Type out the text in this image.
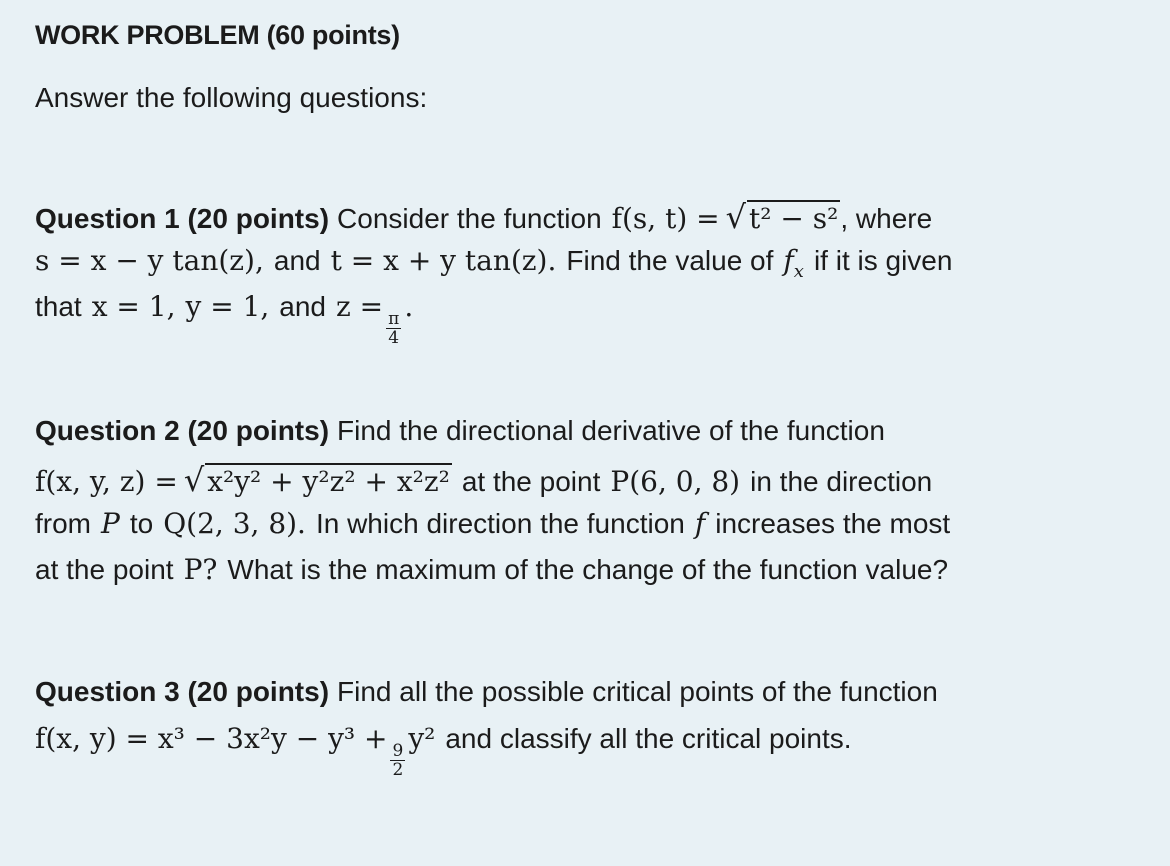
WORK PROBLEM (60 points)
Answer the following questions:
Question 1 (20 points) Consider the function f(s, t) = √ t² − s² , where
s = x − y tan(z), and t = x + y tan(z). Find the value of $f_x$ if it is given
that x = 1, y = 1, and z =
$\frac{\pi}{4}$
.
Question 2 (20 points) Find the directional derivative of the function
f(x, y, z) = √ x²y² + y²z² + x²z² at the point P(6, 0, 8) in the direction
from P to Q(2, 3, 8). In which direction the function f increases the most
at the point P? What is the maximum of the change of the function value?
Question 3 (20 points) Find all the possible critical points of the function
f(x, y) = x³ − 3x²y − y³ +
$\frac{9}{2}$
y² and classify all the critical points.
